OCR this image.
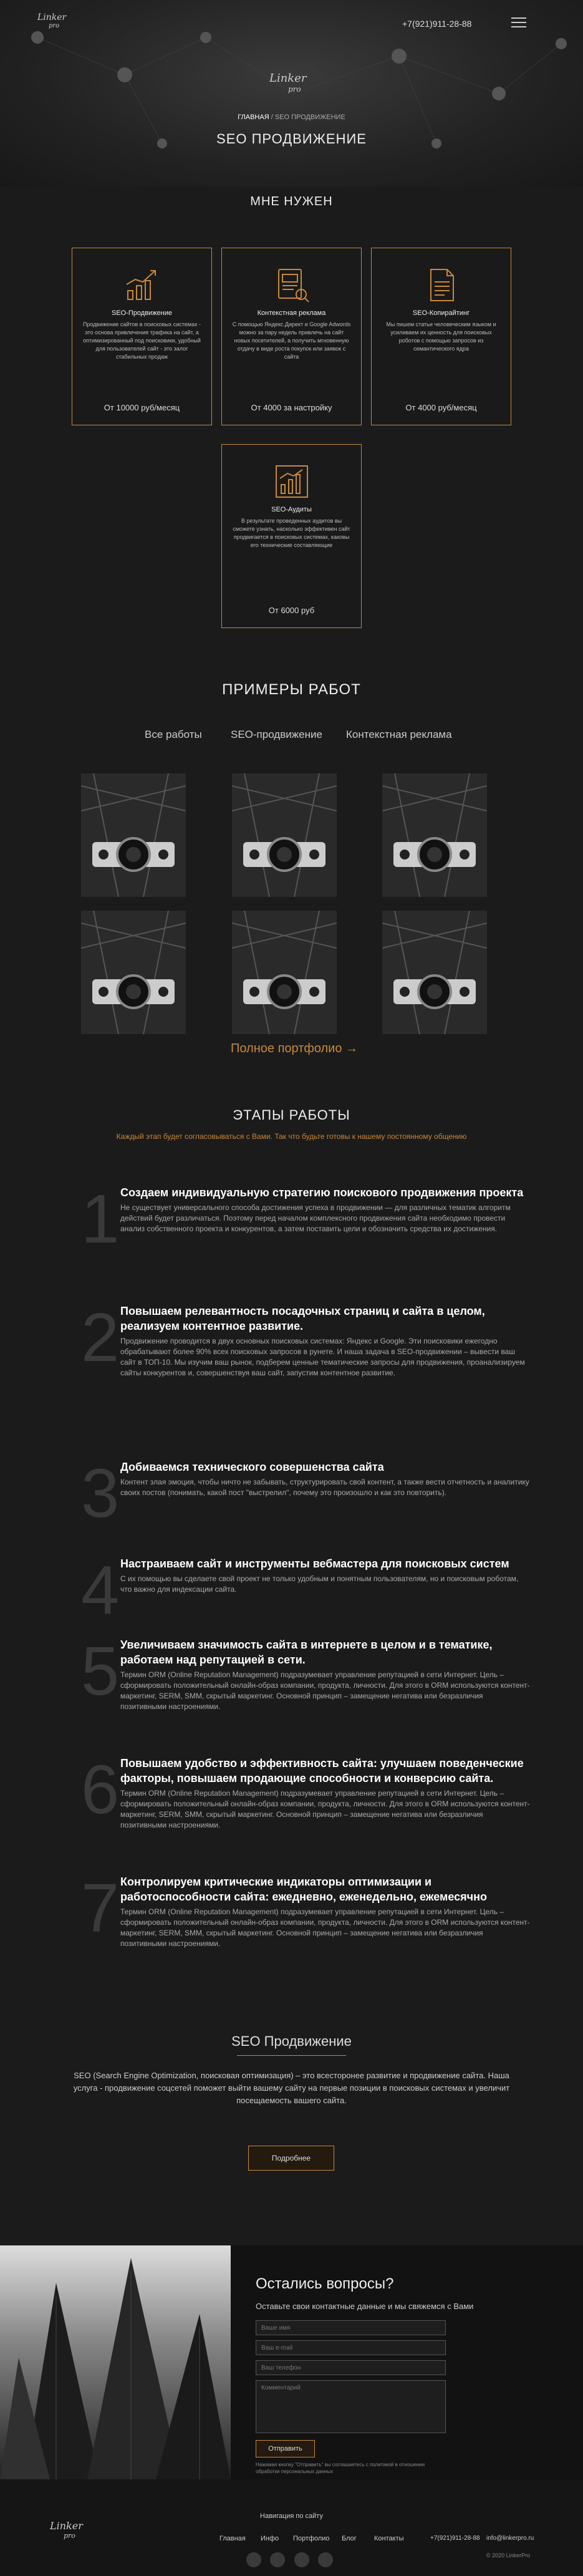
Linker
pro	+7(921)911-28-88
Linker
pro
ГЛАВНАЯ / SEO ПРОДВИЖЕНИЕ
SEO ПРОДВИЖЕНИЕ
МНЕ НУЖЕН
SEO-Продвижение
Продвижение сайтов в поисковых системах - это основа привлечения трафика на сайт, а оптимизированный под поисковики, удобный для пользователей сайт - это залог стабильных продаж
От 10000 руб/месяц
Контекстная реклама
С помощью Яндекс.Директ и Google Adwords можно за пару недель привлечь на сайт новых посетителей, а получить мгновенную отдачу в виде роста покупок или заявок с сайта
От 4000 за настройку
SEO-Копирайтинг
Мы пишем статьи человеческим языком и усиливаем их ценность для поисковых роботов с помощью запросов из семантического ядра
От 4000 руб/месяц
SEO-Аудиты
В результате проведенных аудитов вы сможете узнать, насколько эффективен сайт продвигается в поисковых системах, каковы его технические составляющие
От 6000 руб
ПРИМЕРЫ РАБОТ
Все работы	SEO-продвижение Контекстная реклама
Полное портфолио →
ЭТАПЫ РАБОТЫ
Каждый этап будет согласовываться с Вами. Так что будьте готовы к нашему постоянному общению
1 Создаем индивидуальную стратегию поискового продвижения проекта
Не существует универсального способа достижения успеха в продвижении — для различных тематик алгоритм действий будет различаться. Поэтому перед началом комплексного продвижения сайта необходимо провести анализ собственного проекта и конкурентов, а затем поставить цели и обозначить средства их достижения.
2 Повышаем релевантность посадочных страниц и сайта в целом, реализуем контентное развитие.
Продвижение проводится в двух основных поисковых системах: Яндекс и Google. Эти поисковики ежегодно обрабатывают более 90% всех поисковых запросов в рунете. И наша задача в SEO-продвижении – вывести ваш сайт в ТОП-10. Мы изучим ваш рынок, подберем ценные тематические запросы для продвижения, проанализируем сайты конкурентов и, совершенствуя ваш сайт, запустим контентное развитие.
3 Добиваемся технического совершенства сайта
Контент злая эмоция, чтобы ничто не забывать, структурировать свой контент, а также вести отчетность и аналитику своих постов (понимать, какой пост "выстрелил", почему это произошло и как это повторить).
4 Настраиваем сайт и инструменты вебмастера для поисковых систем
С их помощью вы сделаете свой проект не только удобным и понятным пользователям, но и поисковым роботам, что важно для индексации сайта.
5 Увеличиваем значимость сайта в интернете в целом и в тематике, работаем над репутацией в сети.
Термин ORM (Online Reputation Management) подразумевает управление репутацией в сети Интернет. Цель – сформировать положительный онлайн-образ компании, продукта, личности. Для этого в ORM используются контент-маркетинг, SERM, SMM, скрытый маркетинг. Основной принцип – замещение негатива или безразличия позитивными настроениями.
6 Повышаем удобство и эффективность сайта: улучшаем поведенческие факторы, повышаем продающие способности и конверсию сайта.
Термин ORM (Online Reputation Management) подразумевает управление репутацией в сети Интернет. Цель – сформировать положительный онлайн-образ компании, продукта, личности. Для этого в ORM используются контент-маркетинг, SERM, SMM, скрытый маркетинг. Основной принцип – замещение негатива или безразличия позитивными настроениями.
7 Контролируем критические индикаторы оптимизации и работоспособности сайта: ежедневно, еженедельно, ежемесячно
Термин ORM (Online Reputation Management) подразумевает управление репутацией в сети Интернет. Цель – сформировать положительный онлайн-образ компании, продукта, личности. Для этого в ORM используются контент-маркетинг, SERM, SMM, скрытый маркетинг. Основной принцип – замещение негатива или безразличия позитивными настроениями.
SEO Продвижение
SEO (Search Engine Optimization, поисковая оптимизация) – это всесторонее развитие и продвижение сайта. Наша услуга - продвижение соцсетей поможет выйти вашему сайту на первые позиции в поисковых системах и увеличит посещаемость вашего сайта.
Подробнее
Остались вопросы?
Оставьте свои контактные данные и мы свяжемся с Вами
Ваше имя
Ваш e-mail
Ваш телефон
Комментарий
Отправить
Нажимая кнопку "Отправить" вы соглашаетесь с политикой в отношении обработки персональных данных
Linker
pro
Навигация по сайту
Главная Инфо Портфолио Блог	Контакты
	+7(921)911-28-88 info@linkerpro.ru
© 2020 LinkerPro
